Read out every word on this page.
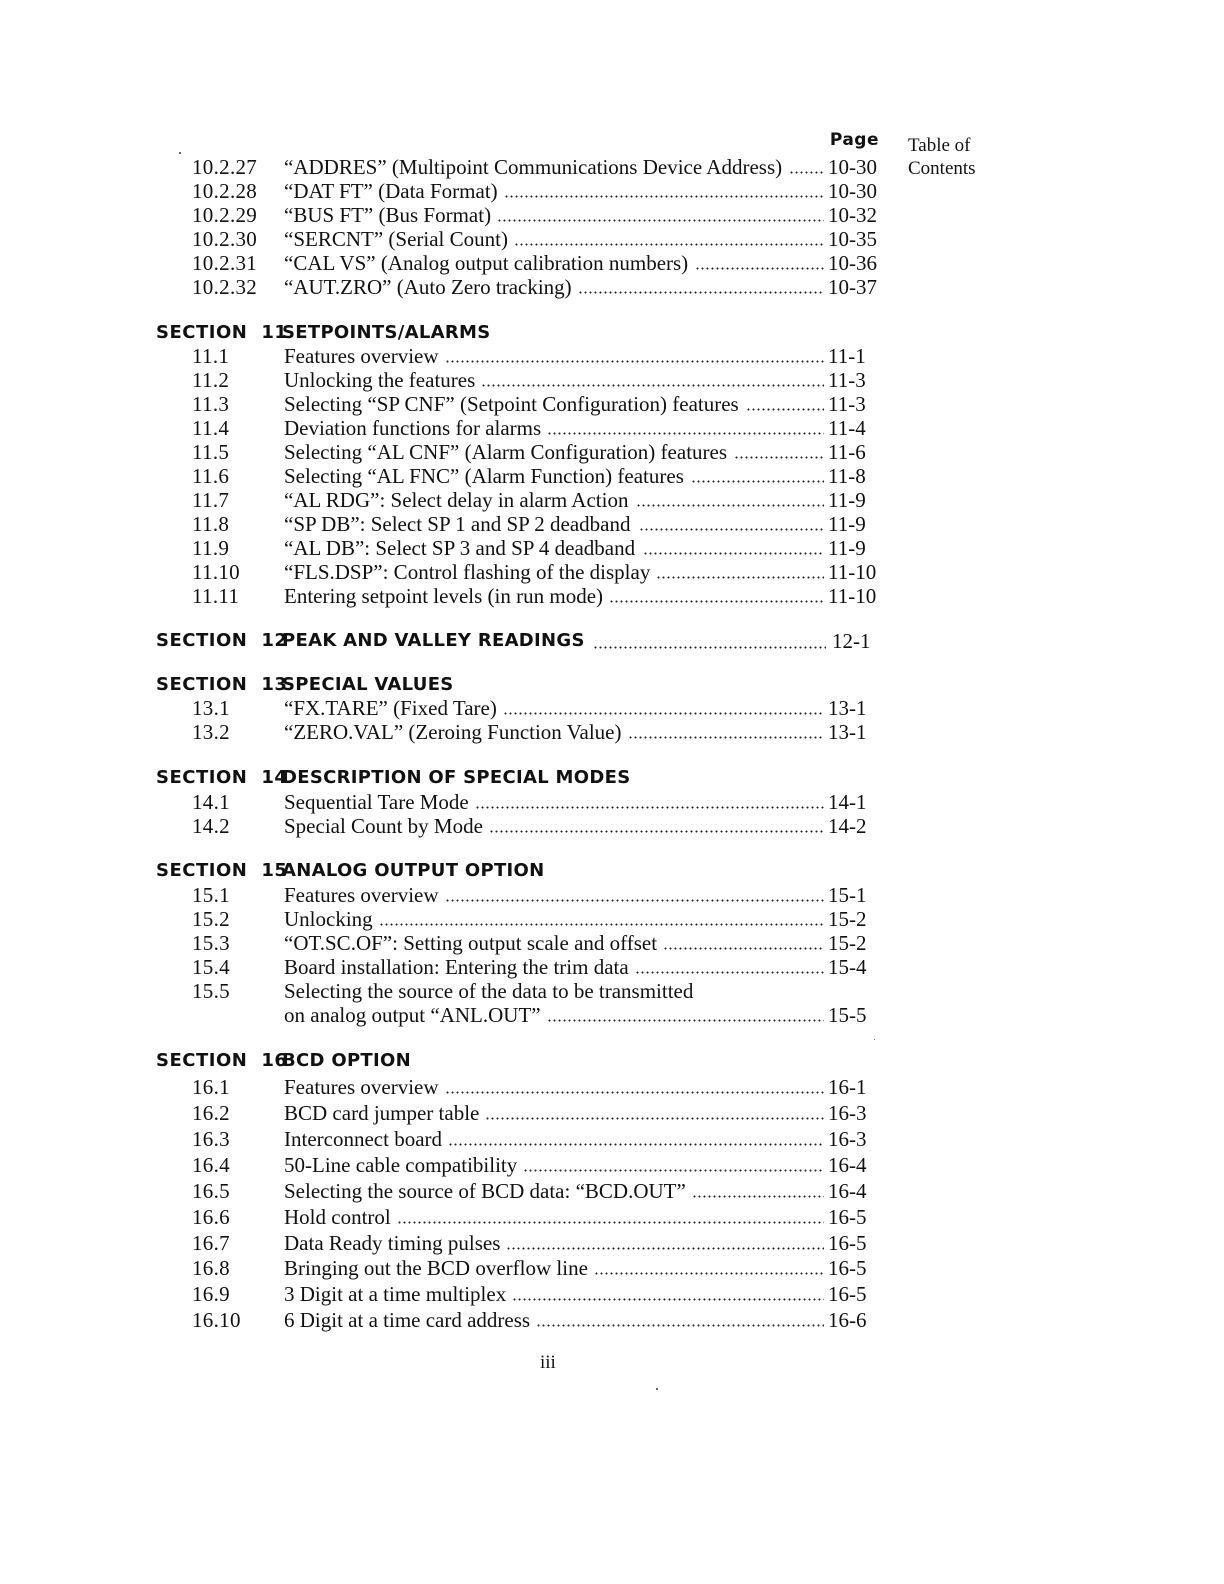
Page Table of
Contents
10.2.27 “ADDRES” (Multipoint Communications Device Address) 10-30
10.2.28 “DAT FT” (Data Format)	10-30
10.2.29 “BUS FT” (Bus Format)	10-32
10.2.30 “SERCNT” (Serial Count)	10-35
10.2.31 “CAL VS” (Analog output calibration numbers)	10-36
10.2.32 “AUT.ZRO” (Auto Zero tracking)	10-37
SECTION 11
SETPOINTS/ALARMS
11.1	Features overview	11-1
11.2	Unlocking the features	11-3
11.3	Selecting “SP CNF” (Setpoint Configuration) features	11-3
11.4	Deviation functions for alarms	11-4
11.5	Selecting “AL CNF” (Alarm Configuration) features	11-6
11.6	Selecting “AL FNC” (Alarm Function) features	11-8
11.7	“AL RDG”: Select delay in alarm Action	11-9
11.8	“SP DB”: Select SP 1 and SP 2 deadband	11-9
11.9	“AL DB”: Select SP 3 and SP 4 deadband	11-9
11.10 “FLS.DSP”: Control flashing of the display	11-10
11.11 Entering setpoint levels (in run mode)	11-10
SECTION 12
PEAK AND VALLEY READINGS	12-1
SECTION 13
SPECIAL VALUES
13.1	“FX.TARE” (Fixed Tare)	13-1
13.2	“ZERO.VAL” (Zeroing Function Value)	13-1
SECTION 14
DESCRIPTION OF SPECIAL MODES
14.1	Sequential Tare Mode	14-1
14.2	Special Count by Mode	14-2
SECTION 15
ANALOG OUTPUT OPTION
15.1	Features overview	15-1
15.2	Unlocking	15-2
15.3	“OT.SC.OF”: Setting output scale and offset	15-2
15.4	Board installation: Entering the trim data	15-4
15.5	Selecting the source of the data to be transmitted
on analog output “ANL.OUT”	15-5
SECTION 16
BCD OPTION
16.1	Features overview	16-1
16.2	BCD card jumper table	16-3
16.3	Interconnect board	16-3
16.4	50-Line cable compatibility	16-4
16.5	Selecting the source of BCD data: “BCD.OUT”	16-4
16.6	Hold control	16-5
16.7	Data Ready timing pulses	16-5
16.8	Bringing out the BCD overflow line	16-5
16.9	3 Digit at a time multiplex	16-5
16.10 6 Digit at a time card address	16-6
iii
